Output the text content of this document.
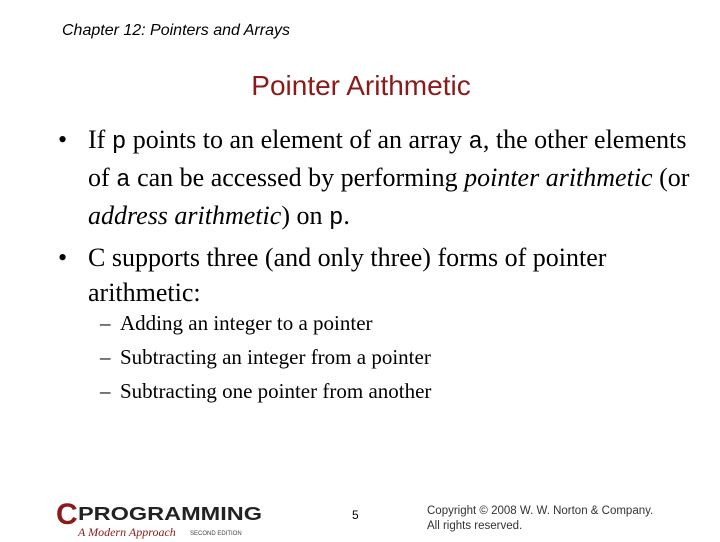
Chapter 12: Pointers and Arrays
Pointer Arithmetic
• If p points to an element of an array a, the other elements of a can be accessed by performing pointer arithmetic (or address arithmetic) on p.
• C supports three (and only three) forms of pointer arithmetic:
– Adding an integer to a pointer
– Subtracting an integer from a pointer
– Subtracting one pointer from another
C PROGRAMMING
A Modern Approach SECOND EDITION
5	Copyright © 2008 W. W. Norton & Company.
All rights reserved.
